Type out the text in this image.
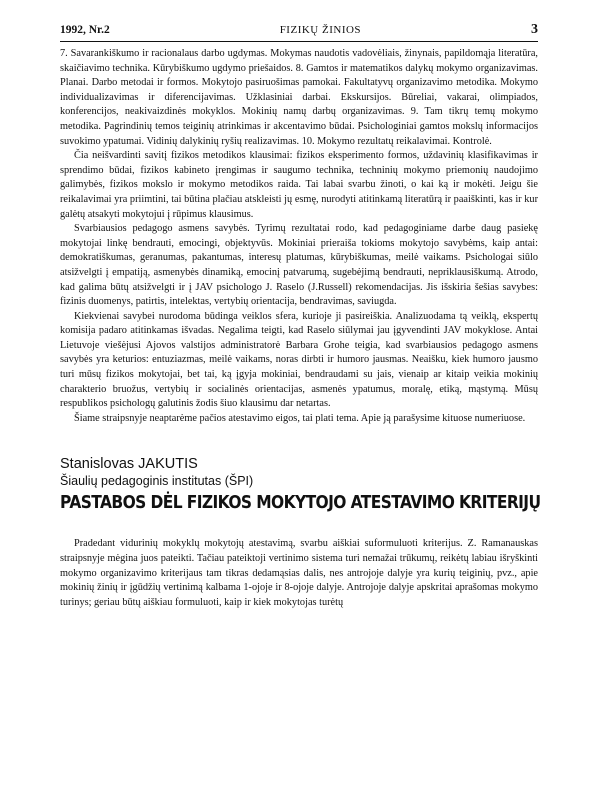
1992, Nr.2	FIZIKŲ ŽINIOS	3

7. Savarankiškumo ir racionalaus darbo ugdymas. Mokymas naudotis vadovėliais, žinynais, papildomąja literatūra, skaičiavimo technika. Kūrybiškumo ugdymo priešaidos. 8. Gamtos ir matematikos dalykų mokymo organizavimas. Planai. Darbo metodai ir formos. Mokytojo pasiruošimas pamokai. Fakultatyvų organizavimo metodika. Mokymo individualizavimas ir diferencijavimas. Užklasiniai darbai. Ekskursijos. Būreliai, vakarai, olimpiados, konferencijos, neakivaizdinės mokyklos. Mokinių namų darbų organizavimas. 9. Tam tikrų temų mokymo metodika. Pagrindinių temos teiginių atrinkimas ir akcentavimo būdai. Psichologiniai gamtos mokslų informacijos suvokimo ypatumai. Vidinių dalykinių ryšių realizavimas. 10. Mokymo rezultatų reikalavimai. Kontrolė.

Čia neišvardinti savitį fizikos metodikos klausimai: fizikos eksperimento formos, uždavinių klasifikavimas ir sprendimo būdai, fizikos kabineto įrengimas ir saugumo technika, techninių mokymo priemonių naudojimo galimybės, fizikos mokslo ir mokymo metodikos raida. Tai labai svarbu žinoti, o kai ką ir mokėti. Jeigu šie reikalavimai yra priimtini, tai būtina plačiau atskleisti jų esmę, nurodyti atitinkamą literatūrą ir paaiškinti, kas ir kur galėtų atsakyti mokytojui į rūpimus klausimus.

Svarbiausios pedagogo asmens savybės. Tyrimų rezultatai rodo, kad pedagoginiame darbe daug pasiekę mokytojai linkę bendrauti, emocingi, objektyvūs. Mokiniai prieraiša tokioms mokytojo savybėms, kaip antai: demokratiškumas, geranumas, pakantumas, interesų platumas, kūrybiškumas, meilė vaikams. Psichologai siūlo atsižvelgti į empatiją, asmenybės dinamiką, emocinį patvarumą, sugebėjimą bendrauti, nepriklausiškumą. Atrodo, kad galima būtų atsižvelgti ir į JAV psichologo J. Raselo (J.Russell) rekomendacijas. Jis išskiria šešias savybes: fizinis duomenys, patirtis, intelektas, vertybių orientacija, bendravimas, saviugda.

Kiekvienai savybei nurodoma būdinga veiklos sfera, kurioje ji pasireiškia. Analizuodama tą veiklą, ekspertų komisija padaro atitinkamas išvadas. Negalima teigti, kad Raselo siūlymai jau įgyvendinti JAV mokyklose. Antai Lietuvoje viešėjusi Ajovos valstijos administratorė Barbara Grohe teigia, kad svarbiausios pedagogo asmens savybės yra keturios: entuziazmas, meilė vaikams, noras dirbti ir humoro jausmas. Neaišku, kiek humoro jausmo turi mūsų fizikos mokytojai, bet tai, ką įgyja mokiniai, bendraudami su jais, vienaip ar kitaip veikia mokinių charakterio bruožus, vertybių ir socialinės orientacijas, asmenės ypatumus, moralę, etiką, mąstymą. Mūsų respublikos psichologų galutinis žodis šiuo klausimu dar netartas.

Šiame straipsnyje neaptarėme pačios atestavimo eigos, tai plati tema. Apie ją parašysime kituose numeriuose.

Stanislovas JAKUTIS
Šiaulių pedagoginis institutas (ŠPI)
PASTABOS DĖL FIZIKOS MOKYTOJO ATESTAVIMO KRITERIJŲ

Pradedant vidurinių mokyklų mokytojų atestavimą, svarbu aiškiai suformuluoti kriterijus. Z. Ramanauskas straipsnyje mėgina juos pateikti. Tačiau pateiktoji vertinimo sistema turi nemažai trūkumų, reikėtų labiau išryškinti mokymo organizavimo kriterijaus tam tikras dedamąsias dalis, nes antrojoje dalyje yra kurių teiginių, pvz., apie mokinių žinių ir įgūdžių vertinimą kalbama 1-ojoje ir 8-ojoje dalyje. Antrojoje dalyje apskritai aprašomas mokymo turinys; geriau būtų aiškiau formuluoti, kaip ir kiek mokytojas turėtų
